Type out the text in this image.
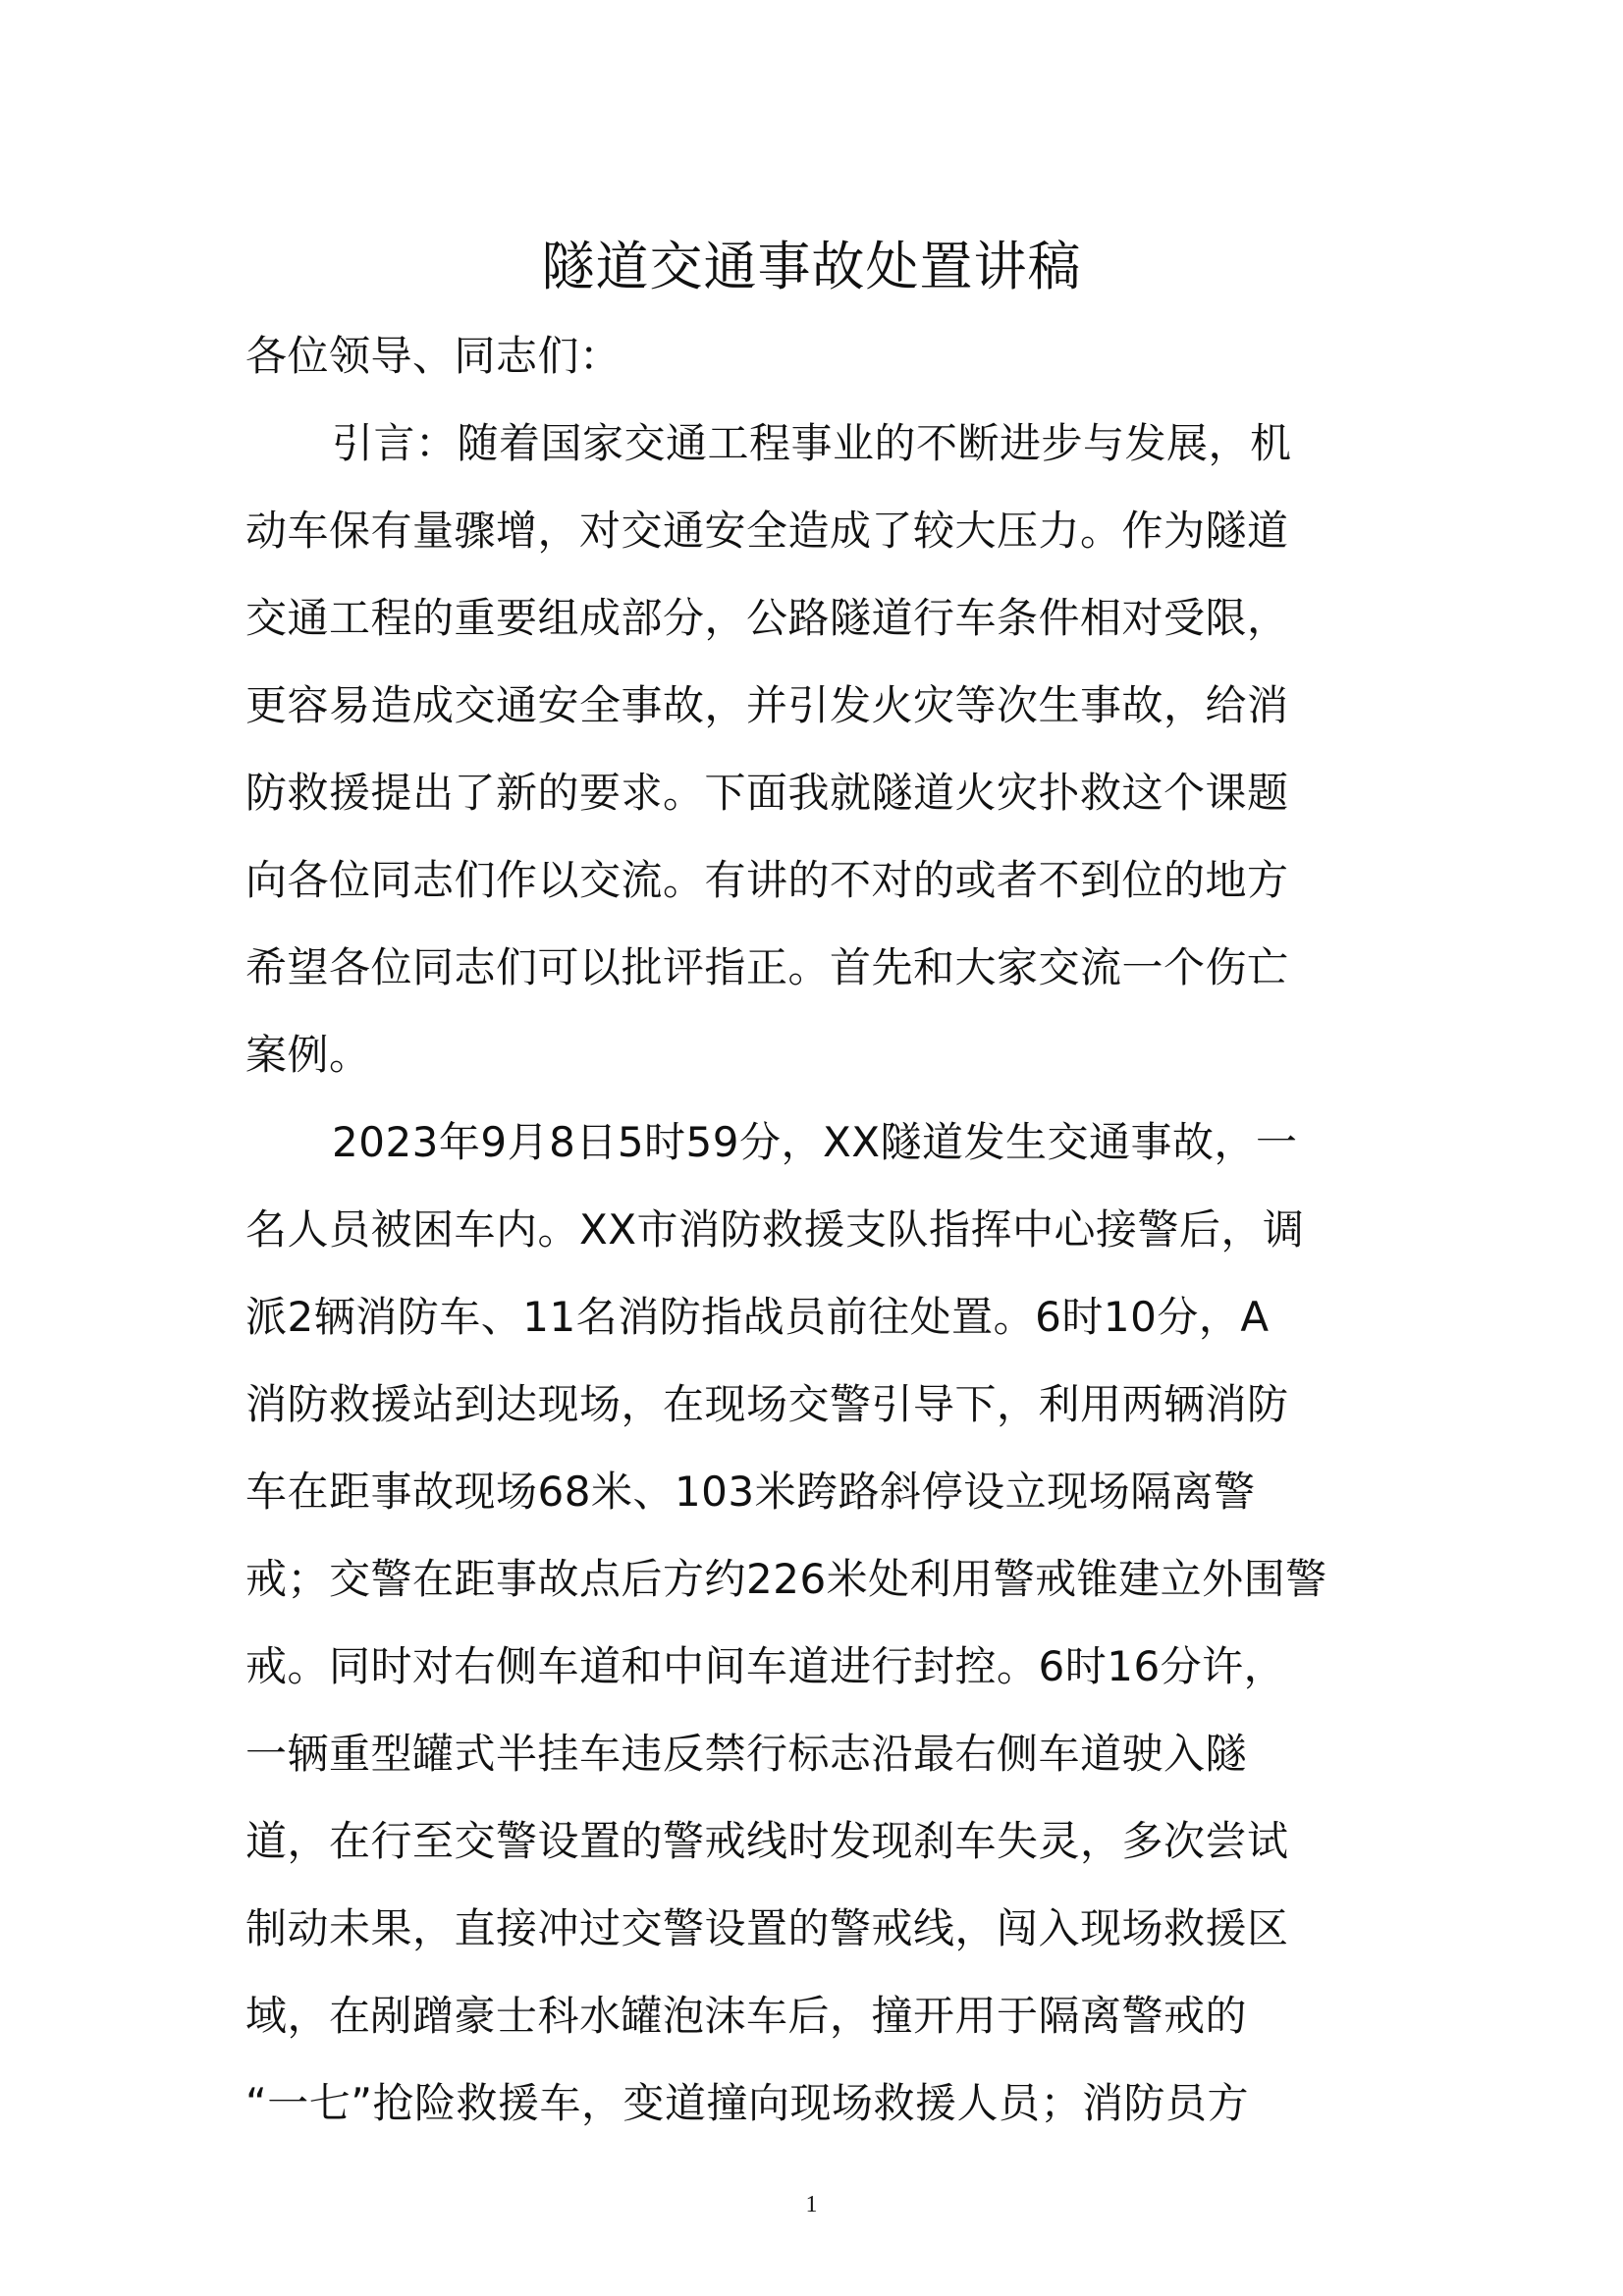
隧道交通事故处置讲稿
各位领导、同志们：
引言：随着国家交通工程事业的不断进步与发展，机
动车保有量骤增，对交通安全造成了较大压力。作为隧道
交通工程的重要组成部分，公路隧道行车条件相对受限，
更容易造成交通安全事故，并引发火灾等次生事故，给消
防救援提出了新的要求。下面我就隧道火灾扑救这个课题
向各位同志们作以交流。有讲的不对的或者不到位的地方
希望各位同志们可以批评指正。首先和大家交流一个伤亡
案例。
2023年9月8日5时59分，XX隧道发生交通事故，一
名人员被困车内。XX市消防救援支队指挥中心接警后，调
派2辆消防车、11名消防指战员前往处置。6时10分，A
消防救援站到达现场，在现场交警引导下，利用两辆消防
车在距事故现场68米、103米跨路斜停设立现场隔离警
戒；交警在距事故点后方约226米处利用警戒锥建立外围警
戒。同时对右侧车道和中间车道进行封控。6时16分许，
一辆重型罐式半挂车违反禁行标志沿最右侧车道驶入隧
道，在行至交警设置的警戒线时发现刹车失灵，多次尝试
制动未果，直接冲过交警设置的警戒线，闯入现场救援区
域，在剐蹭豪士科水罐泡沫车后，撞开用于隔离警戒的
“一七”抢险救援车，变道撞向现场救援人员；消防员方
1
